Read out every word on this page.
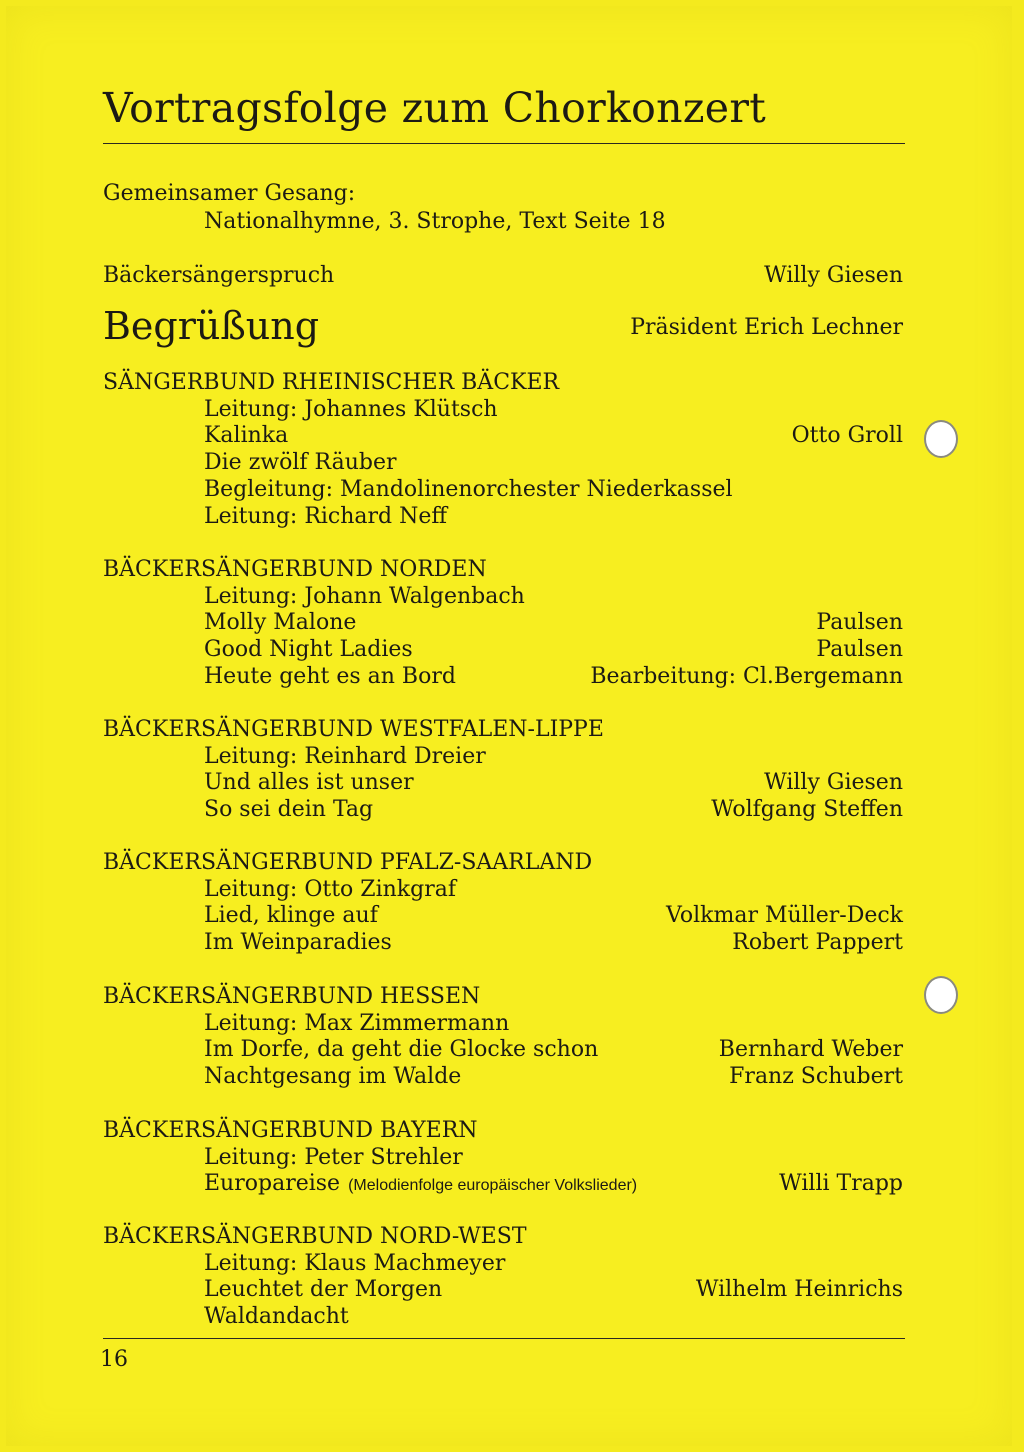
Vortragsfolge zum Chorkonzert
Gemeinsamer Gesang:
Nationalhymne, 3. Strophe, Text Seite 18
Bäckersängerspruch	Willy Giesen
Begrüßung	Präsident Erich Lechner
SÄNGERBUND RHEINISCHER BÄCKER
Leitung: Johannes Klütsch
Kalinka	Otto Groll
Die zwölf Räuber
Begleitung: Mandolinenorchester Niederkassel
Leitung: Richard Neff
BÄCKERSÄNGERBUND NORDEN
Leitung: Johann Walgenbach
Molly Malone	Paulsen
Good Night Ladies	Paulsen
Heute geht es an Bord	Bearbeitung: Cl.Bergemann
BÄCKERSÄNGERBUND WESTFALEN-LIPPE
Leitung: Reinhard Dreier
Und alles ist unser	Willy Giesen
So sei dein Tag	Wolfgang Steffen
BÄCKERSÄNGERBUND PFALZ-SAARLAND
Leitung: Otto Zinkgraf
Lied, klinge auf	Volkmar Müller-Deck
Im Weinparadies	Robert Pappert
BÄCKERSÄNGERBUND HESSEN
Leitung: Max Zimmermann
Im Dorfe, da geht die Glocke schon	Bernhard Weber
Nachtgesang im Walde	Franz Schubert
BÄCKERSÄNGERBUND BAYERN
Leitung: Peter Strehler
Europareise (Melodienfolge europäischer Volkslieder)	Willi Trapp
BÄCKERSÄNGERBUND NORD-WEST
Leitung: Klaus Machmeyer
Leuchtet der Morgen	Wilhelm Heinrichs
Waldandacht
16
